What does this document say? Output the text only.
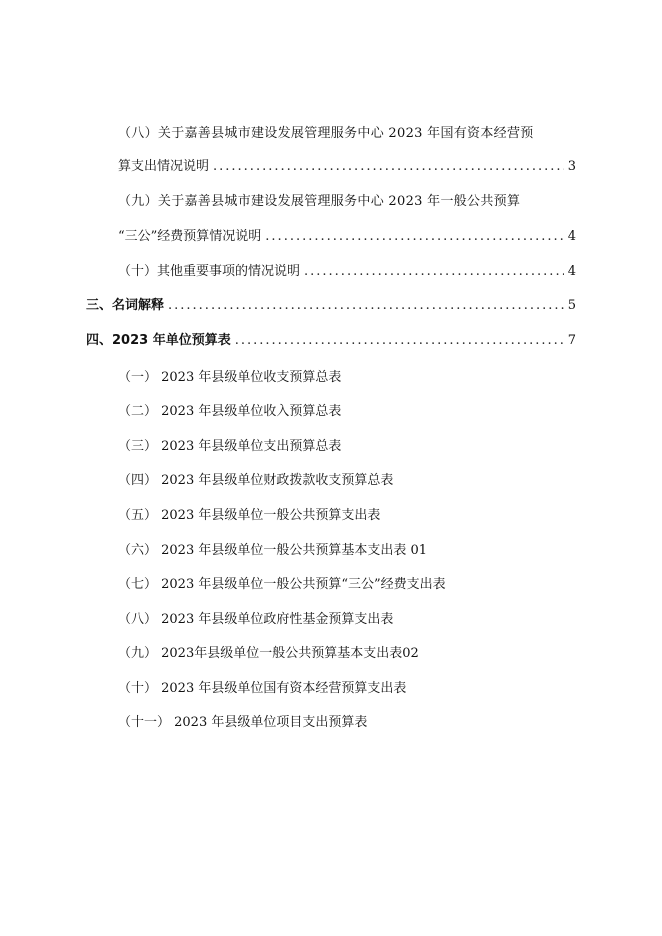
（八）关于嘉善县城市建设发展管理服务中心 2023 年国有资本经营预
算支出情况说明 .....	3
（九）关于嘉善县城市建设发展管理服务中心 2023 年一般公共预算
“三公”经费预算情况说明 .....	4
（十）其他重要事项的情况说明 .....	4
三、名词解释 .....	5
四、2023 年单位预算表 .....	7
（一） 2023 年县级单位收支预算总表
（二） 2023 年县级单位收入预算总表
（三） 2023 年县级单位支出预算总表
（四） 2023 年县级单位财政拨款收支预算总表
（五） 2023 年县级单位一般公共预算支出表
（六） 2023 年县级单位一般公共预算基本支出表 01
（七） 2023 年县级单位一般公共预算“三公”经费支出表
（八） 2023 年县级单位政府性基金预算支出表
（九） 2023年县级单位一般公共预算基本支出表02
（十） 2023 年县级单位国有资本经营预算支出表
（十一） 2023 年县级单位项目支出预算表
